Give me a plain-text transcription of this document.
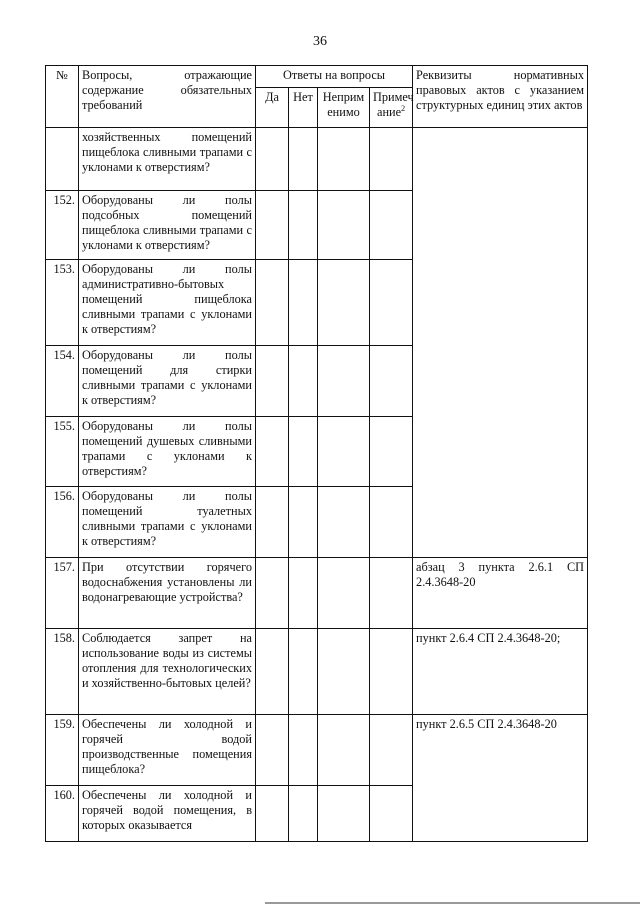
36
№	Вопросы, отражающие содержание обязательных требований	Ответы на вопросы				Реквизиты нормативных правовых актов с указанием структурных единиц этих актов
		Да	Нет	Неприм енимо	Примеч ание$^2$
	хозяйственных помещений пищеблока сливными трапами с уклонами к отверстиям?					
152.	Оборудованы ли полы подсобных помещений пищеблока сливными трапами с уклонами к отверстиям?					
153.	Оборудованы ли полы административно-бытовых помещений пищеблока сливными трапами с уклонами к отверстиям?					
154.	Оборудованы ли полы помещений для стирки сливными трапами с уклонами к отверстиям?					
155.	Оборудованы ли полы помещений душевых сливными трапами с уклонами к отверстиям?					
156.	Оборудованы ли полы помещений туалетных сливными трапами с уклонами к отверстиям?					
157.	При отсутствии горячего водоснабжения установлены ли водонагревающие устройства?					абзац 3 пункта 2.6.1 СП 2.4.3648-20
158.	Соблюдается запрет на использование воды из системы отопления для технологических и хозяйственно-бытовых целей?					пункт 2.6.4 СП 2.4.3648-20;
159.	Обеспечены ли холодной и горячей водой производственные помещения пищеблока?					пункт 2.6.5 СП 2.4.3648-20
160.	Обеспечены ли холодной и горячей водой помещения, в которых оказывается					
